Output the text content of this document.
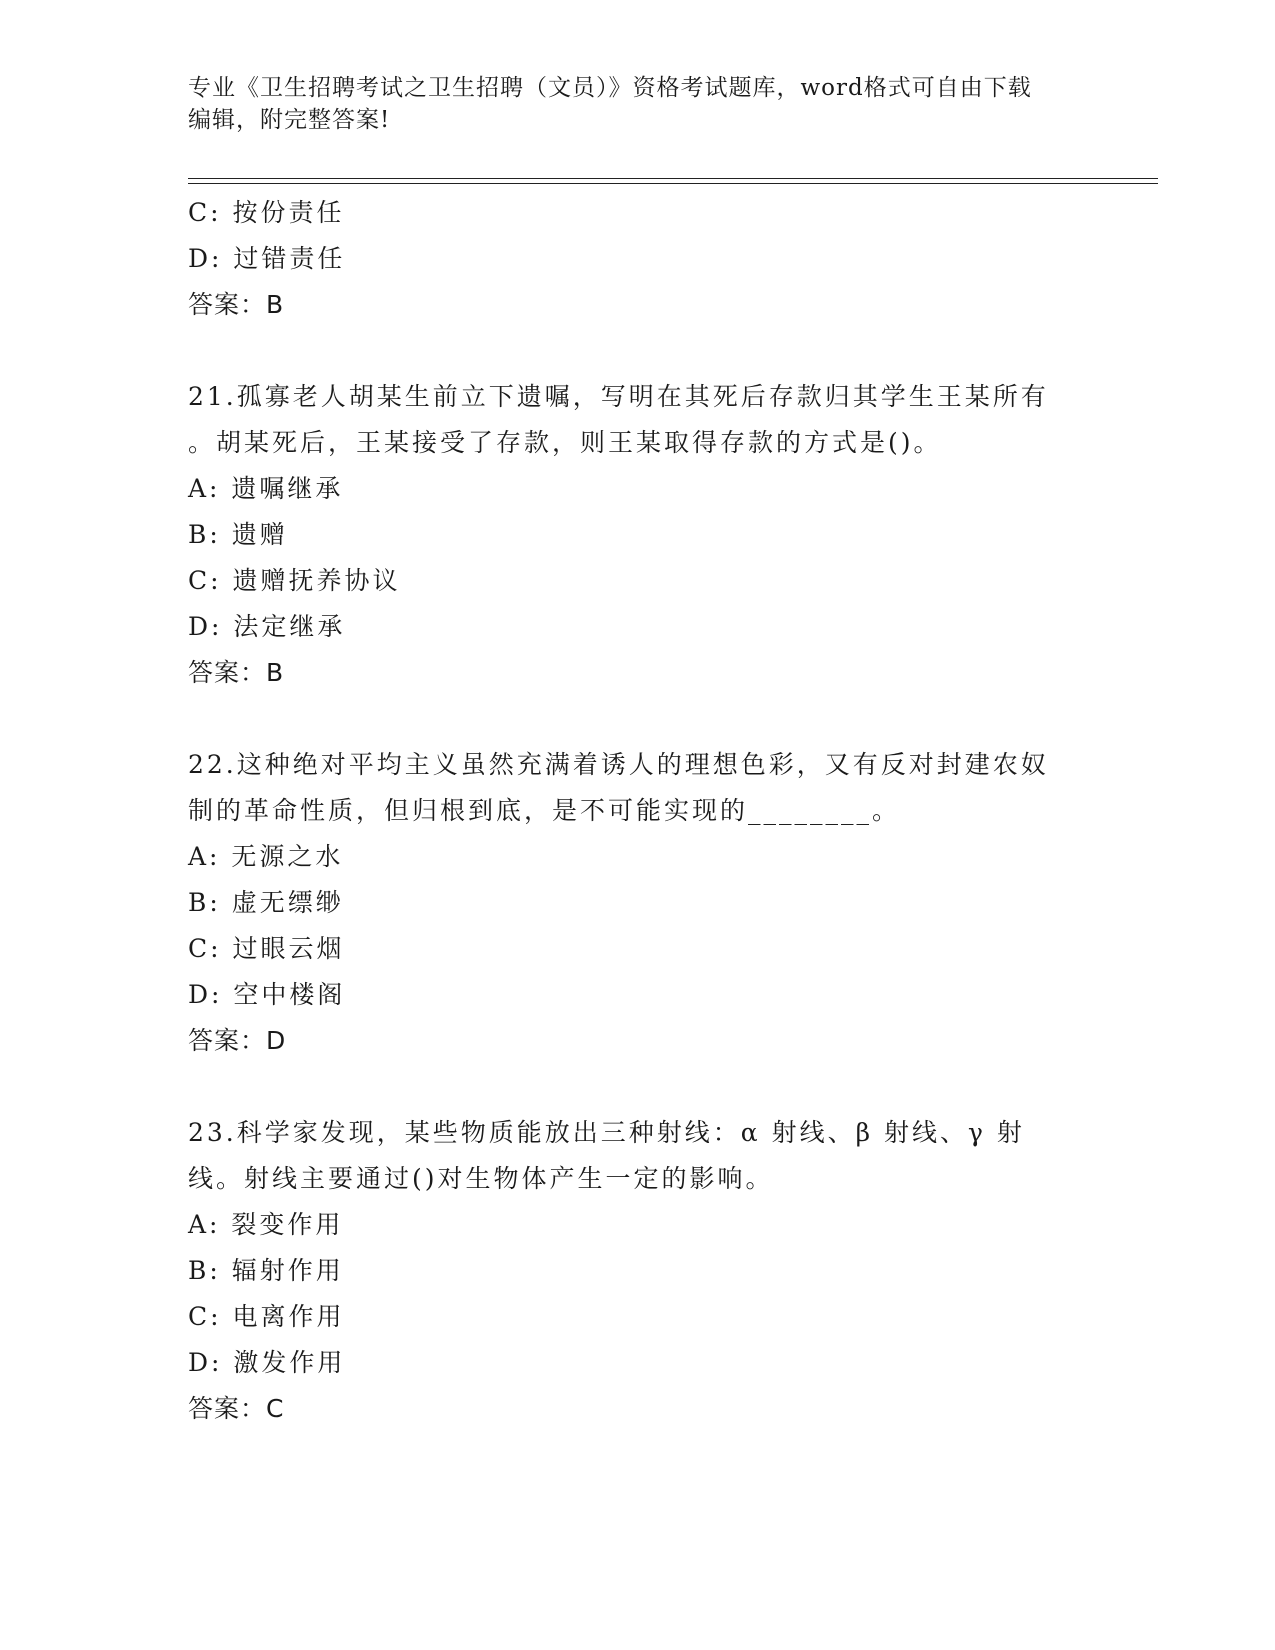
专业《卫生招聘考试之卫生招聘（文员）》资格考试题库，word格式可自由下载
编辑，附完整答案!
C: 按份责任
D: 过错责任
答案：B
21.孤寡老人胡某生前立下遗嘱，写明在其死后存款归其学生王某所有
。胡某死后，王某接受了存款，则王某取得存款的方式是()。
A: 遗嘱继承
B: 遗赠
C: 遗赠抚养协议
D: 法定继承
答案：B
22.这种绝对平均主义虽然充满着诱人的理想色彩，又有反对封建农奴
制的革命性质，但归根到底，是不可能实现的________。
A: 无源之水
B: 虚无缥缈
C: 过眼云烟
D: 空中楼阁
答案：D
23.科学家发现，某些物质能放出三种射线：α 射线、β 射线、γ 射
线。射线主要通过()对生物体产生一定的影响。
A: 裂变作用
B: 辐射作用
C: 电离作用
D: 激发作用
答案：C
